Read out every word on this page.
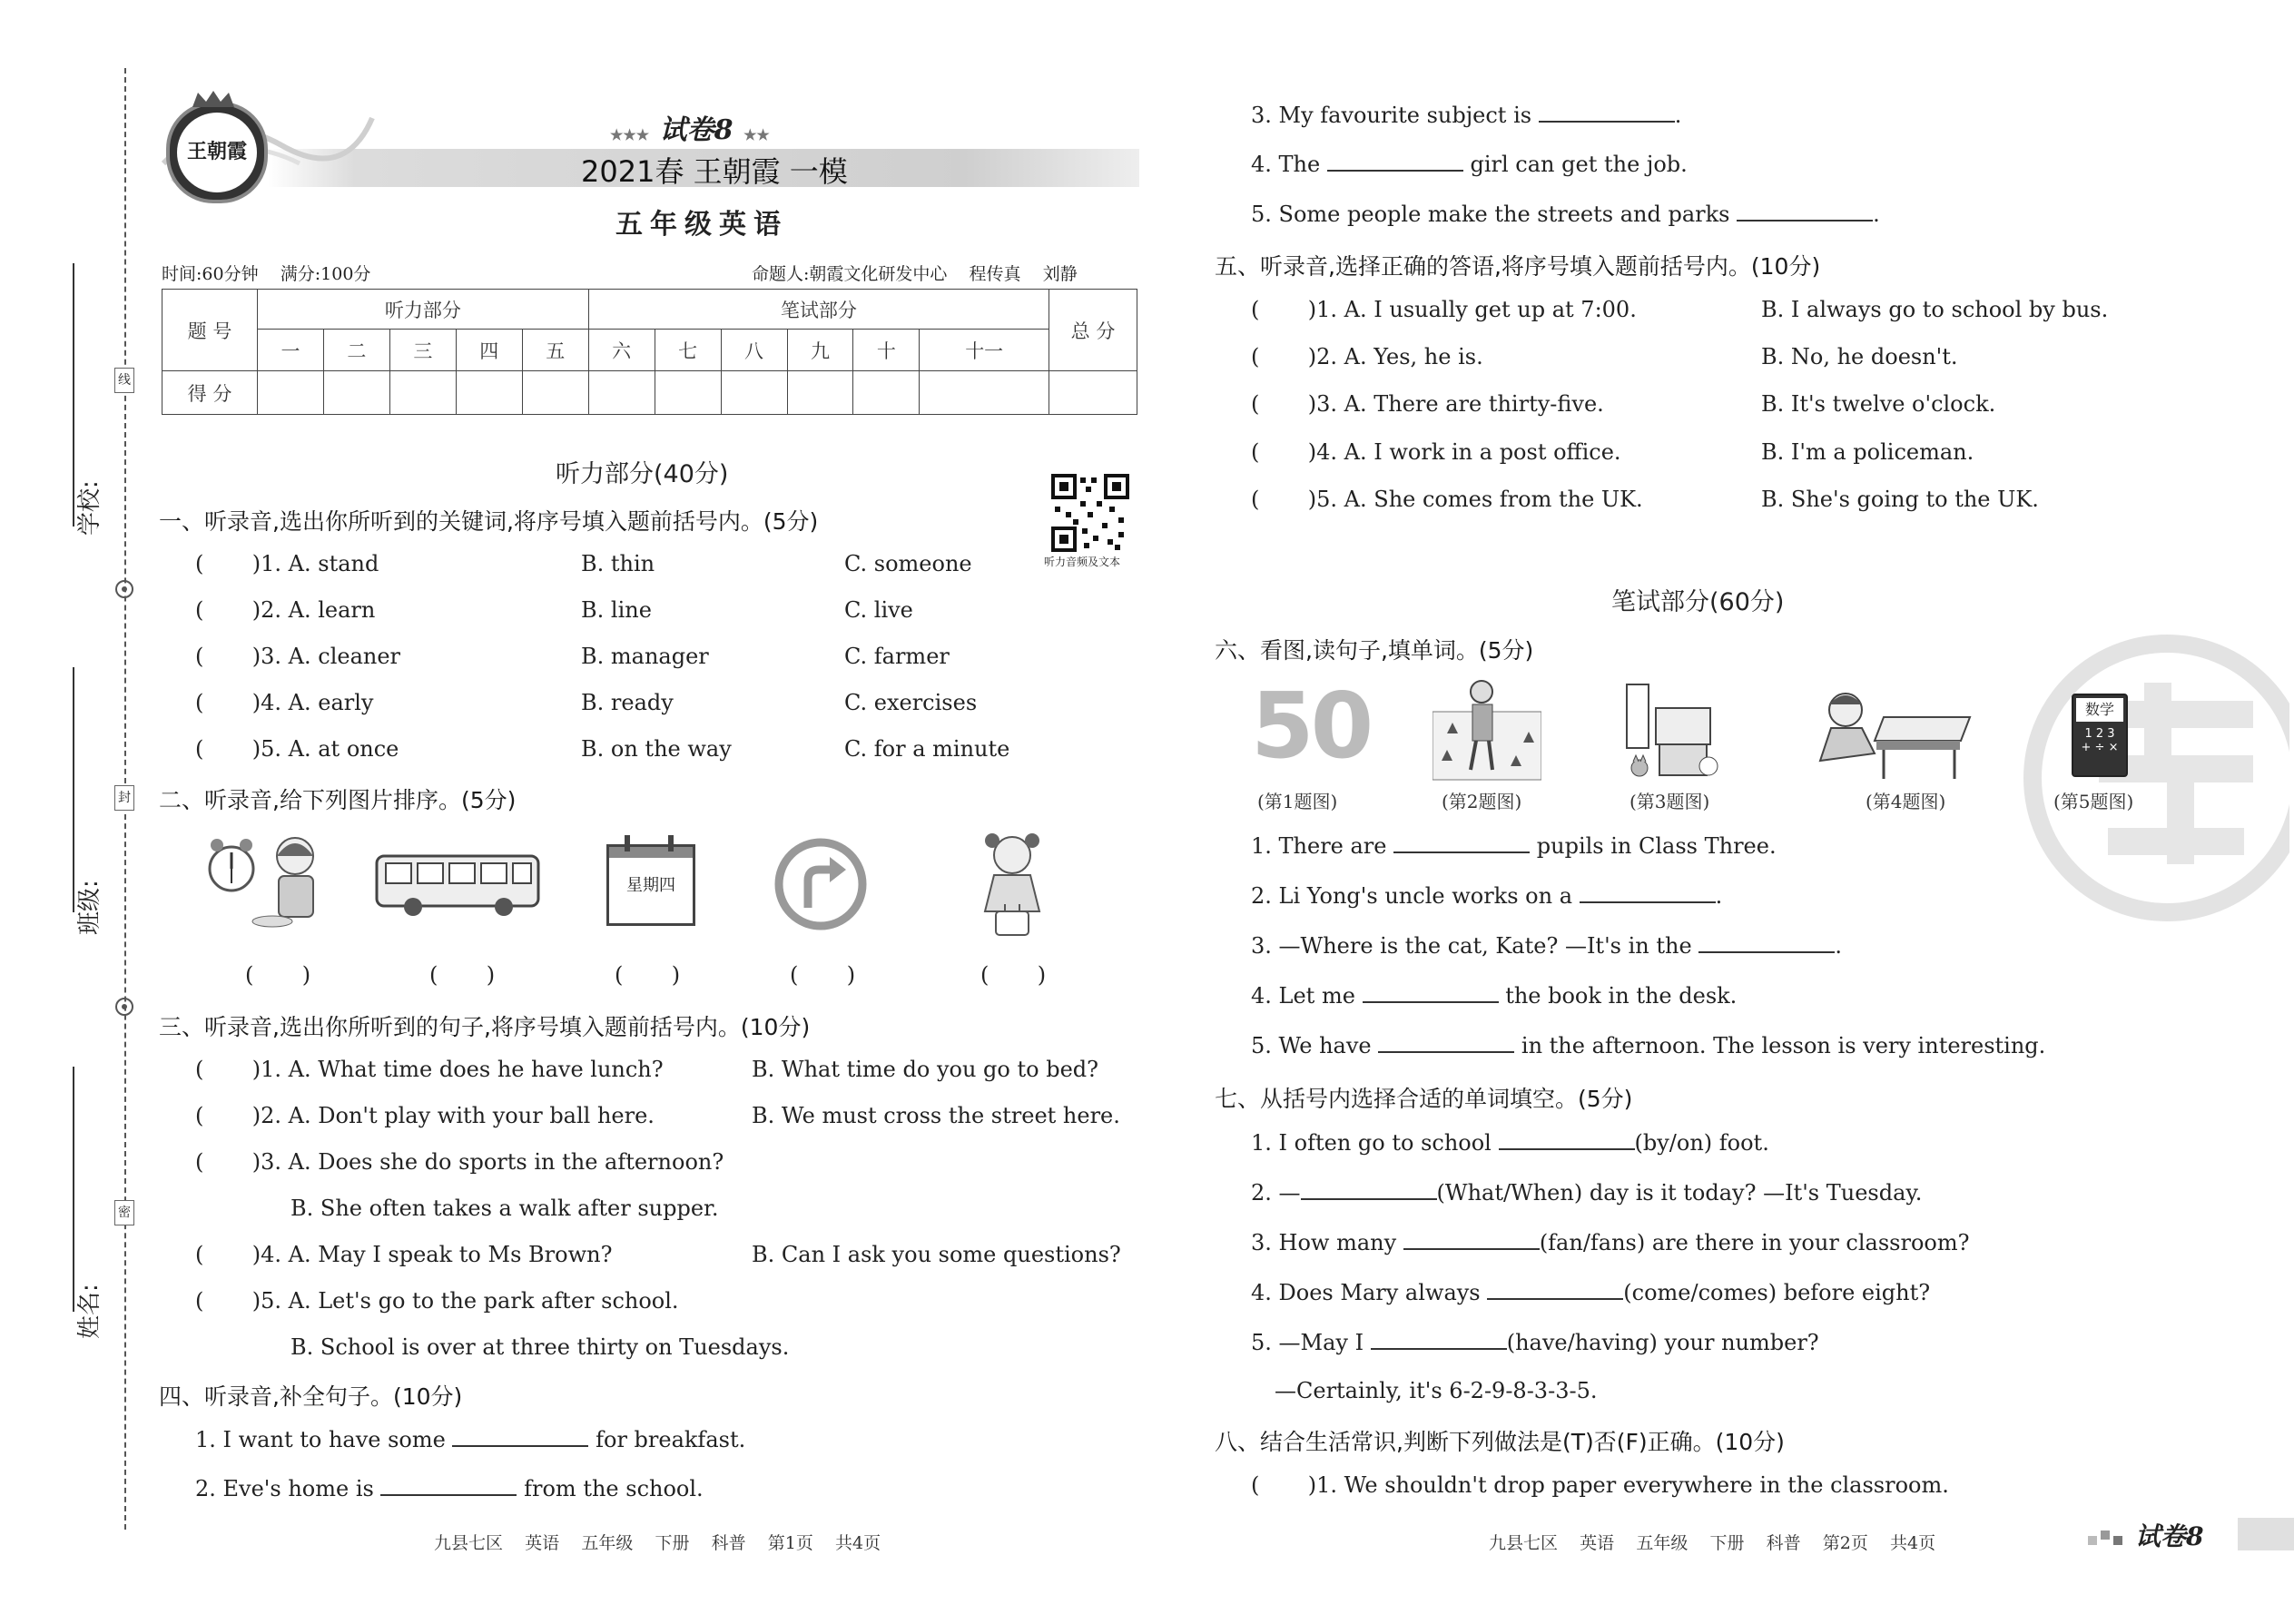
线
封
密
学校:
班级:
姓名:
王朝霞
★★★ 试卷8 ★★
2021春 王朝霞 一模
五年级英语
时间:60分钟    满分:100分	命题人:朝霞文化研发中心    程传真    刘静
题 号	听力部分					笔试部分						总 分
	一	二	三	四	五	六	七	八	九	十	十一	
得 分												
听力部分(40分)
听力音频及文本
一、听录音,选出你所听到的关键词,将序号填入题前括号内。(5分)
(       )1. A. stand	B. thin	C. someone
(       )2. A. learn	B. line	C. live
(       )3. A. cleaner	B. manager	C. farmer
(       )4. A. early	B. ready	C. exercises
(       )5. A. at once	B. on the way	C. for a minute
二、听录音,给下列图片排序。(5分)
星期四
(       )	(       )	(       )	(       )	(       )
三、听录音,选出你所听到的句子,将序号填入题前括号内。(10分)
(       )1. A. What time does he have lunch?	B. What time do you go to bed?
(       )2. A. Don't play with your ball here.	B. We must cross the street here.
(       )3. A. Does she do sports in the afternoon?
B. She often takes a walk after supper.
(       )4. A. May I speak to Ms Brown?	B. Can I ask you some questions?
(       )5. A. Let's go to the park after school.
B. School is over at three thirty on Tuesdays.
四、听录音,补全句子。(10分)
1. I want to have some	for breakfast.
2. Eve's home is	from the school.
九县七区    英语    五年级    下册    科普    第1页    共4页
3. My favourite subject is	.
4. The	girl can get the job.
5. Some people make the streets and parks	.
五、听录音,选择正确的答语,将序号填入题前括号内。(10分)
(       )1. A. I usually get up at 7:00.	B. I always go to school by bus.
(       )2. A. Yes, he is.	B. No, he doesn't.
(       )3. A. There are thirty-five.	B. It's twelve o'clock.
(       )4. A. I work in a post office.	B. I'm a policeman.
(       )5. A. She comes from the UK.	B. She's going to the UK.
笔试部分(60分)
六、看图,读句子,填单词。(5分)
50	数学
1 2 3
+ ÷ ×
(第1题图)	(第2题图)	(第3题图)	(第4题图)	(第5题图)
1. There are	pupils in Class Three.
2. Li Yong's uncle works on a	.
3. —Where is the cat, Kate? —It's in the	.
4. Let me	the book in the desk.
5. We have	in the afternoon. The lesson is very interesting.
七、从括号内选择合适的单词填空。(5分)
1. I often go to school	(by/on) foot.
2. —	(What/When) day is it today? —It's Tuesday.
3. How many	(fan/fans) are there in your classroom?
4. Does Mary always	(come/comes) before eight?
5. —May I	(have/having) your number?
—Certainly, it's 6-2-9-8-3-3-5.
八、结合生活常识,判断下列做法是(T)否(F)正确。(10分)
(       )1. We shouldn't drop paper everywhere in the classroom.
九县七区    英语    五年级    下册    科普    第2页    共4页	试卷8
